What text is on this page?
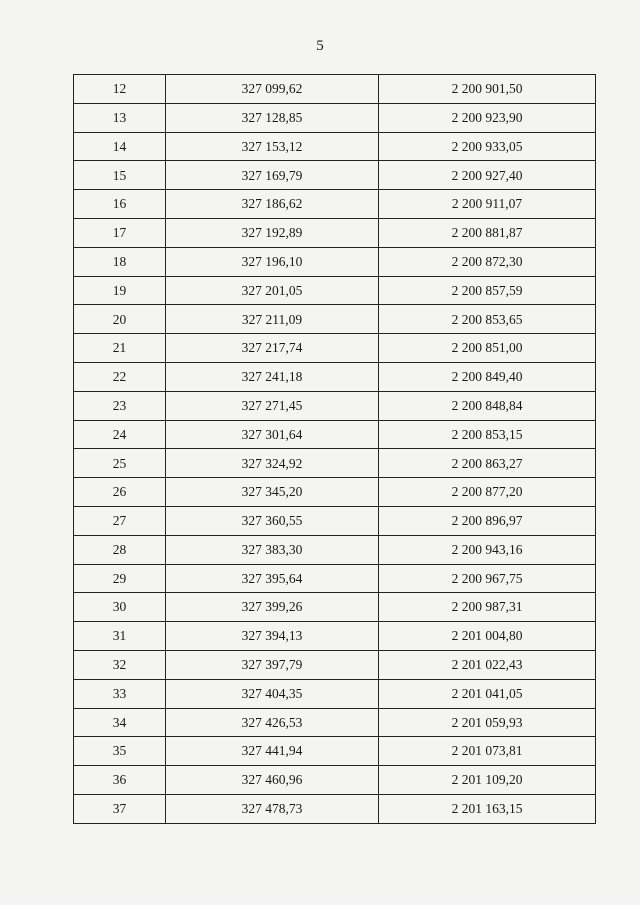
5
12	327 099,62	2 200 901,50
13	327 128,85	2 200 923,90
14	327 153,12	2 200 933,05
15	327 169,79	2 200 927,40
16	327 186,62	2 200 911,07
17	327 192,89	2 200 881,87
18	327 196,10	2 200 872,30
19	327 201,05	2 200 857,59
20	327 211,09	2 200 853,65
21	327 217,74	2 200 851,00
22	327 241,18	2 200 849,40
23	327 271,45	2 200 848,84
24	327 301,64	2 200 853,15
25	327 324,92	2 200 863,27
26	327 345,20	2 200 877,20
27	327 360,55	2 200 896,97
28	327 383,30	2 200 943,16
29	327 395,64	2 200 967,75
30	327 399,26	2 200 987,31
31	327 394,13	2 201 004,80
32	327 397,79	2 201 022,43
33	327 404,35	2 201 041,05
34	327 426,53	2 201 059,93
35	327 441,94	2 201 073,81
36	327 460,96	2 201 109,20
37	327 478,73	2 201 163,15
